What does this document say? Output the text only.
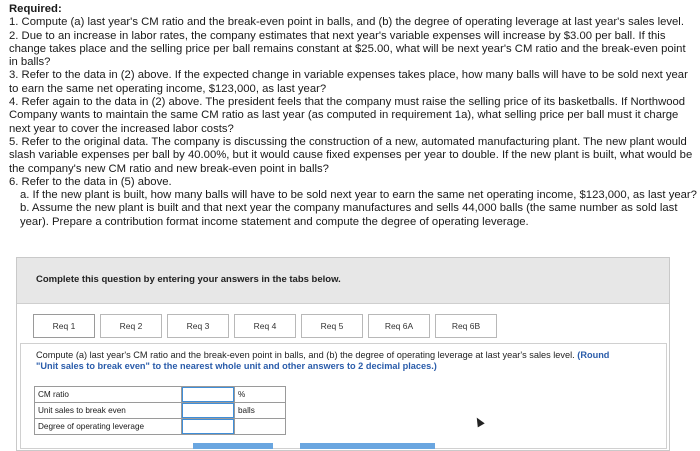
Required:
1. Compute (a) last year's CM ratio and the break-even point in balls, and (b) the degree of operating leverage at last year's sales level.
2. Due to an increase in labor rates, the company estimates that next year's variable expenses will increase by $3.00 per ball. If this change takes place and the selling price per ball remains constant at $25.00, what will be next year's CM ratio and the break-even point in balls?
3. Refer to the data in (2) above. If the expected change in variable expenses takes place, how many balls will have to be sold next year to earn the same net operating income, $123,000, as last year?
4. Refer again to the data in (2) above. The president feels that the company must raise the selling price of its basketballs. If Northwood Company wants to maintain the same CM ratio as last year (as computed in requirement 1a), what selling price per ball must it charge next year to cover the increased labor costs?
5. Refer to the original data. The company is discussing the construction of a new, automated manufacturing plant. The new plant would slash variable expenses per ball by 40.00%, but it would cause fixed expenses per year to double. If the new plant is built, what would be the company's new CM ratio and new break-even point in balls?
6. Refer to the data in (5) above.
a. If the new plant is built, how many balls will have to be sold next year to earn the same net operating income, $123,000, as last year?
b. Assume the new plant is built and that next year the company manufactures and sells 44,000 balls (the same number as sold last year). Prepare a contribution format income statement and compute the degree of operating leverage.
Complete this question by entering your answers in the tabs below.
Req 1	Req 2	Req 3	Req 4	Req 5	Req 6A	Req 6B
Compute (a) last year's CM ratio and the break-even point in balls, and (b) the degree of operating leverage at last year's sales level. (Round "Unit sales to break even" to the nearest whole unit and other answers to 2 decimal places.)
CM ratio		%
Unit sales to break even		balls
Degree of operating leverage		
